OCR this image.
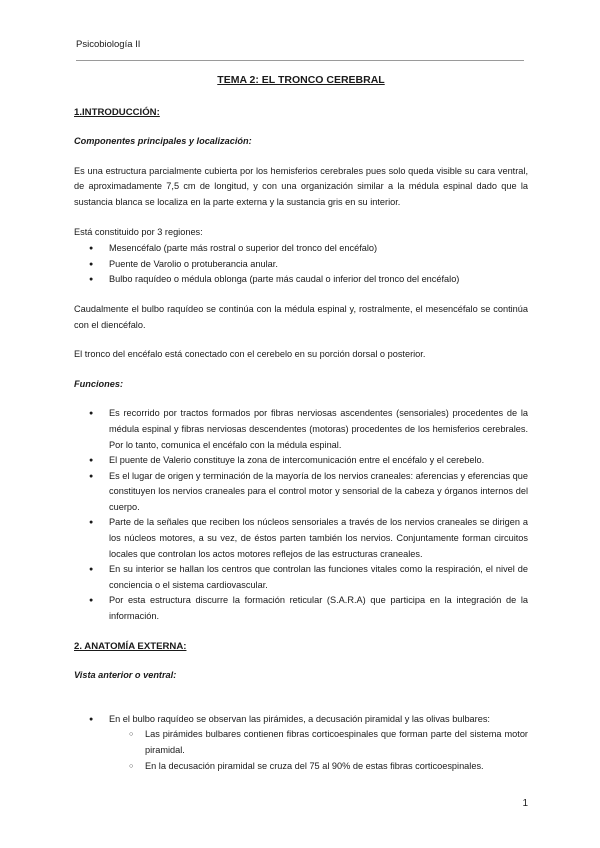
Psicobiología II
TEMA 2: EL TRONCO CEREBRAL
1.INTRODUCCIÓN:
Componentes principales y localización:
Es una estructura parcialmente cubierta por los hemisferios cerebrales pues solo queda visible su cara ventral, de aproximadamente 7,5 cm de longitud, y con una organización similar a la médula espinal dado que la sustancia blanca se localiza en la parte externa y la sustancia gris en su interior.
Está constituido por 3 regiones:
● Mesencéfalo (parte más rostral o superior del tronco del encéfalo)
● Puente de Varolio o protuberancia anular.
● Bulbo raquídeo o médula oblonga (parte más caudal o inferior del tronco del encéfalo)
Caudalmente el bulbo raquídeo se continúa con la médula espinal y, rostralmente, el mesencéfalo se continúa con el diencéfalo.
El tronco del encéfalo está conectado con el cerebelo en su porción dorsal o posterior.
Funciones:
● Es recorrido por tractos formados por fibras nerviosas ascendentes (sensoriales) procedentes de la médula espinal y fibras nerviosas descendentes (motoras) procedentes de los hemisferios cerebrales. Por lo tanto, comunica el encéfalo con la médula espinal.
● El puente de Valerio constituye la zona de intercomunicación entre el encéfalo y el cerebelo.
● Es el lugar de origen y terminación de la mayoría de los nervios craneales: aferencias y eferencias que constituyen los nervios craneales para el control motor y sensorial de la cabeza y órganos internos del cuerpo.
● Parte de la señales que reciben los núcleos sensoriales a través de los nervios craneales se dirigen a los núcleos motores, a su vez, de éstos parten también los nervios. Conjuntamente forman circuitos locales que controlan los actos motores reflejos de las estructuras craneales.
● En su interior se hallan los centros que controlan las funciones vitales como la respiración, el nivel de conciencia o el sistema cardiovascular.
● Por esta estructura discurre la formación reticular (S.A.R.A) que participa en la integración de la información.
2. ANATOMÍA EXTERNA:
Vista anterior o ventral:
● En el bulbo raquídeo se observan las pirámides, a decusación piramidal y las olivas bulbares:
○ Las pirámides bulbares contienen fibras corticoespinales que forman parte del sistema motor piramidal.
○ En la decusación piramidal se cruza del 75 al 90% de estas fibras corticoespinales.
1
